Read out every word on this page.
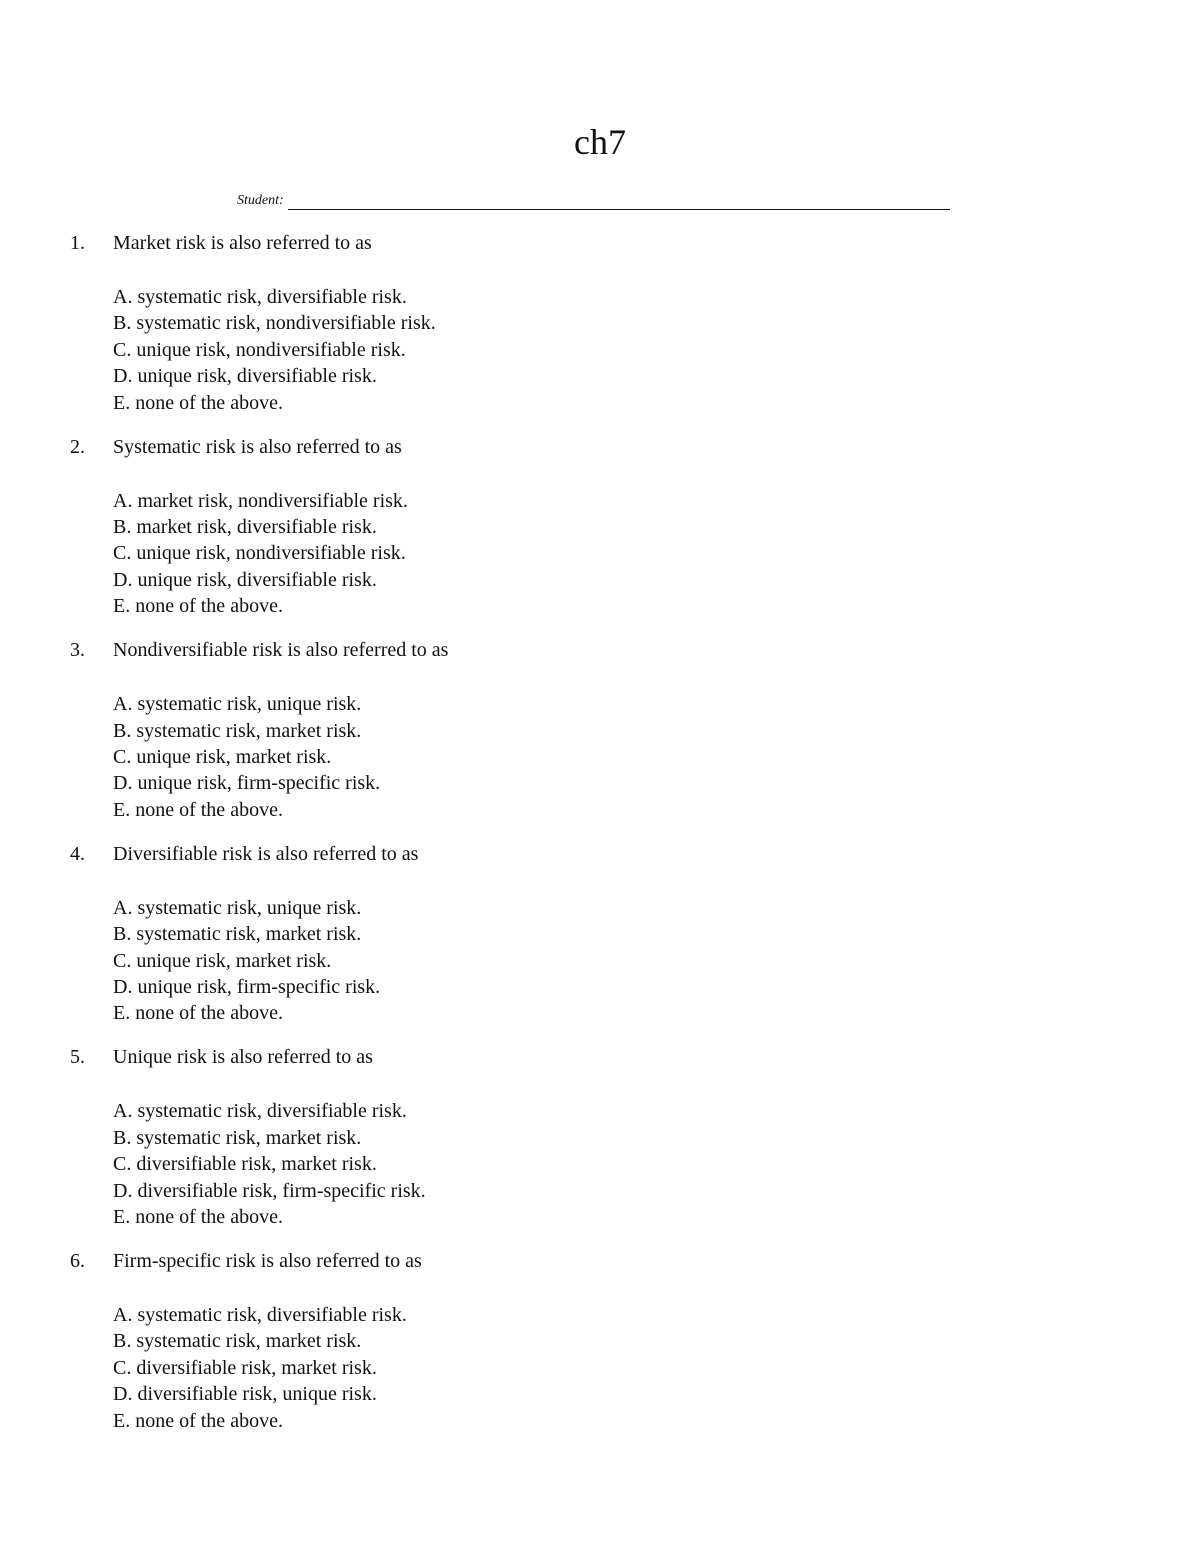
ch7
Student:
1. Market risk is also referred to as
A. systematic risk, diversifiable risk.
B. systematic risk, nondiversifiable risk.
C. unique risk, nondiversifiable risk.
D. unique risk, diversifiable risk.
E. none of the above.
2. Systematic risk is also referred to as
A. market risk, nondiversifiable risk.
B. market risk, diversifiable risk.
C. unique risk, nondiversifiable risk.
D. unique risk, diversifiable risk.
E. none of the above.
3. Nondiversifiable risk is also referred to as
A. systematic risk, unique risk.
B. systematic risk, market risk.
C. unique risk, market risk.
D. unique risk, firm-specific risk.
E. none of the above.
4. Diversifiable risk is also referred to as
A. systematic risk, unique risk.
B. systematic risk, market risk.
C. unique risk, market risk.
D. unique risk, firm-specific risk.
E. none of the above.
5. Unique risk is also referred to as
A. systematic risk, diversifiable risk.
B. systematic risk, market risk.
C. diversifiable risk, market risk.
D. diversifiable risk, firm-specific risk.
E. none of the above.
6. Firm-specific risk is also referred to as
A. systematic risk, diversifiable risk.
B. systematic risk, market risk.
C. diversifiable risk, market risk.
D. diversifiable risk, unique risk.
E. none of the above.
